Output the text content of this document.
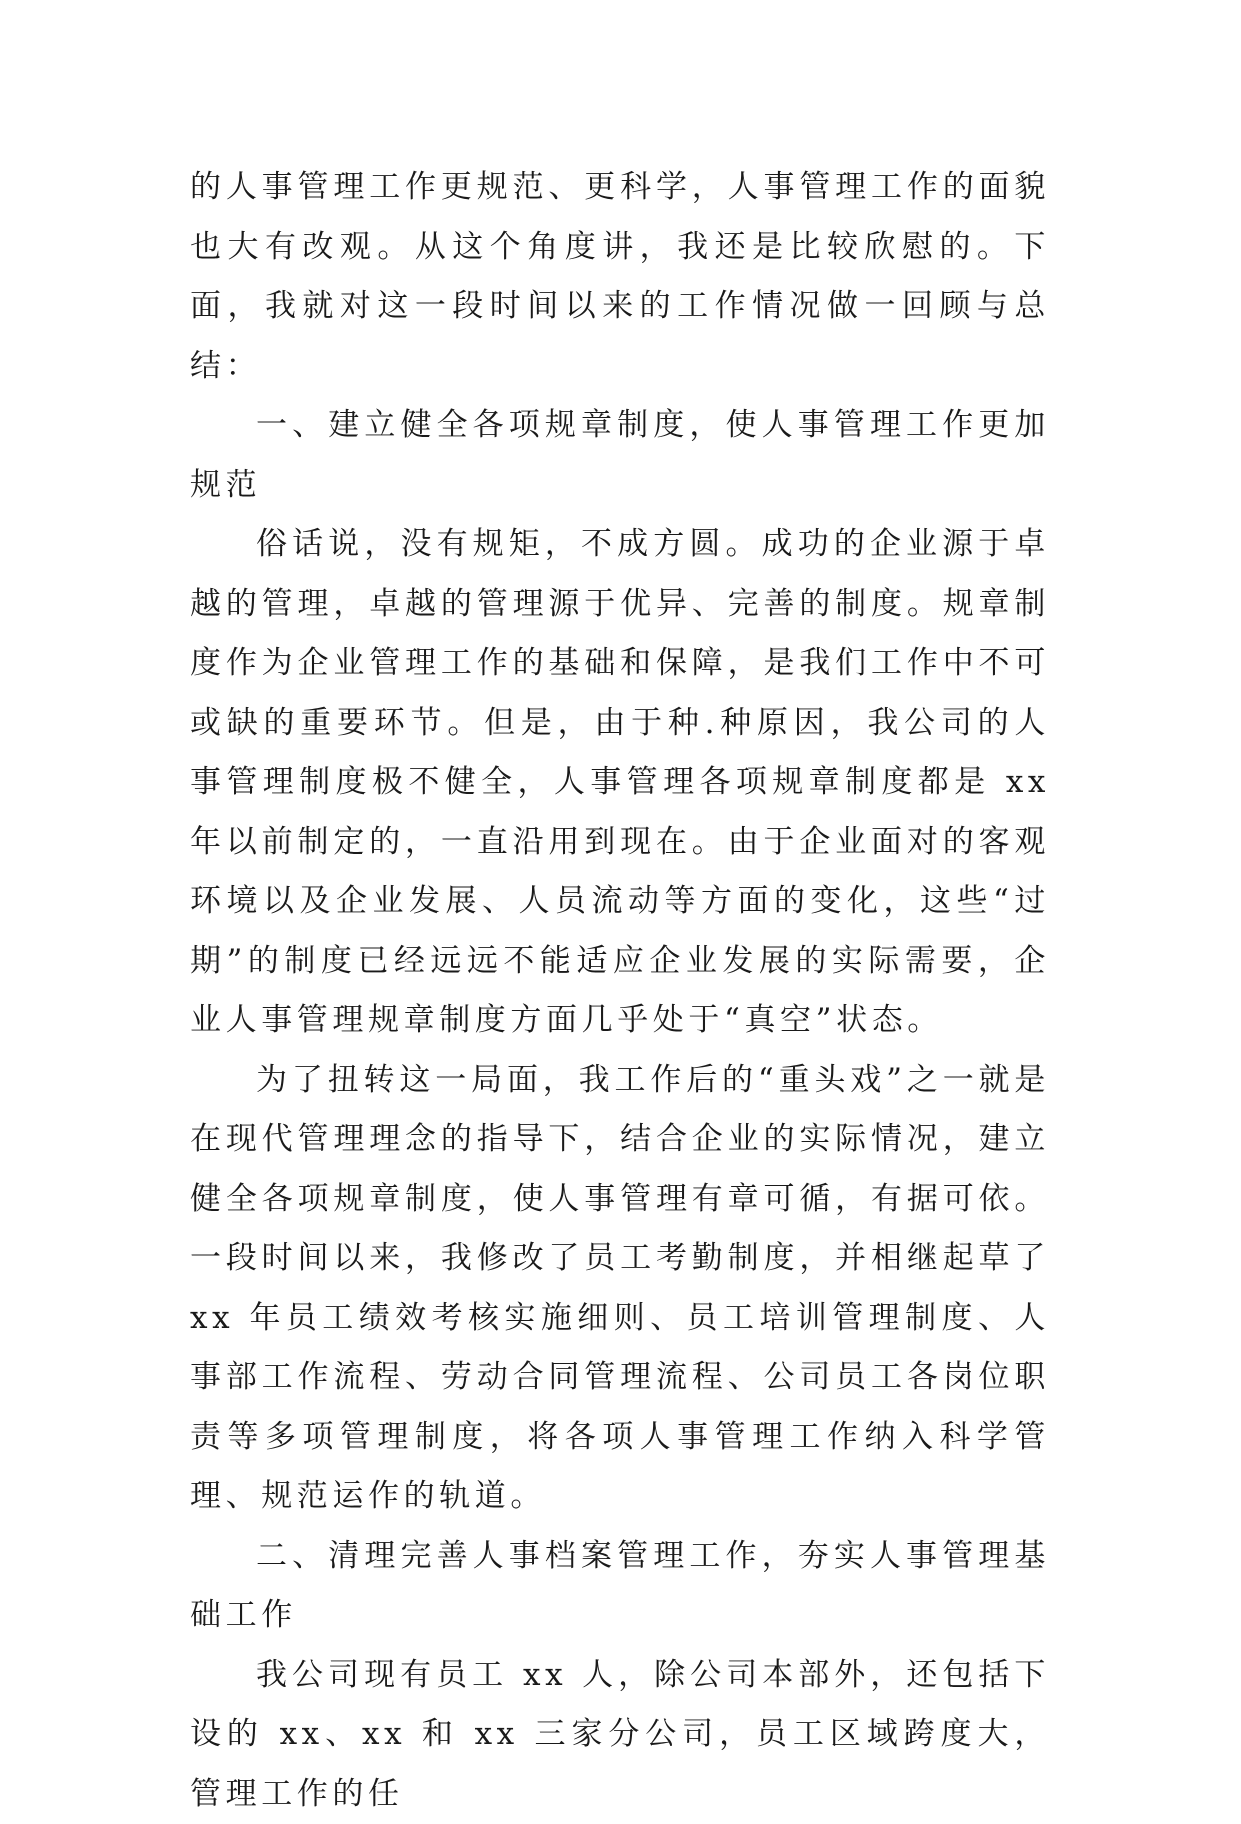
的人事管理工作更规范、更科学，人事管理工作的面貌也大有改观。从这个角度讲，我还是比较欣慰的。下面，我就对这一段时间以来的工作情况做一回顾与总结：

一、建立健全各项规章制度，使人事管理工作更加规范

俗话说，没有规矩，不成方圆。成功的企业源于卓越的管理，卓越的管理源于优异、完善的制度。规章制度作为企业管理工作的基础和保障，是我们工作中不可或缺的重要环节。但是，由于种.种原因，我公司的人事管理制度极不健全，人事管理各项规章制度都是 xx 年以前制定的，一直沿用到现在。由于企业面对的客观环境以及企业发展、人员流动等方面的变化，这些“过期”的制度已经远远不能适应企业发展的实际需要，企业人事管理规章制度方面几乎处于“真空”状态。

为了扭转这一局面，我工作后的“重头戏”之一就是在现代管理理念的指导下，结合企业的实际情况，建立健全各项规章制度，使人事管理有章可循，有据可依。一段时间以来，我修改了员工考勤制度，并相继起草了 xx 年员工绩效考核实施细则、员工培训管理制度、人事部工作流程、劳动合同管理流程、公司员工各岗位职责等多项管理制度，将各项人事管理工作纳入科学管理、规范运作的轨道。

二、清理完善人事档案管理工作，夯实人事管理基础工作

我公司现有员工 xx 人，除公司本部外，还包括下设的 xx、xx 和 xx 三家分公司，员工区域跨度大，管理工作的任
